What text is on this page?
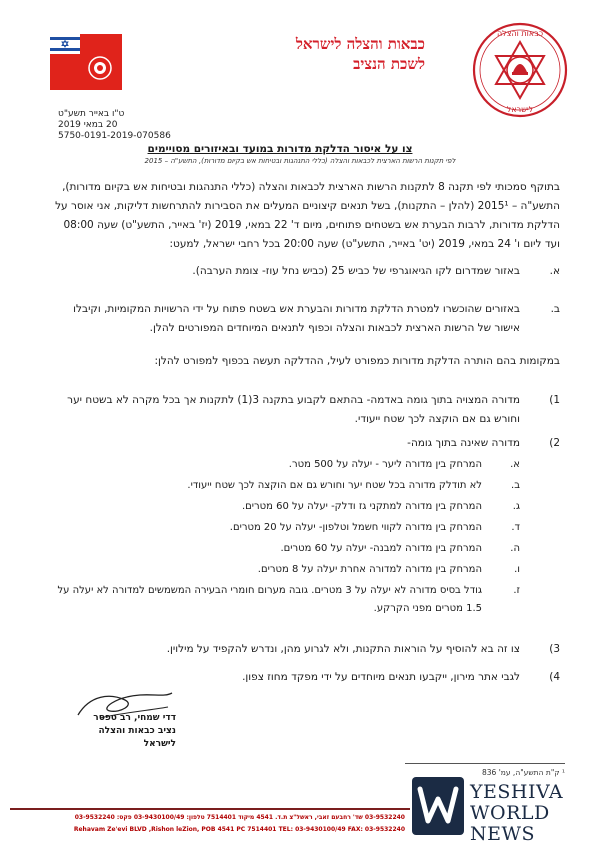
כבאות והצלה לישראל
לשכת הנציב
כבאות והצלה
לישראל
ט"ו באייר תשע"ט
20 במאי 2019
5750-0191-2019-070586
צו על איסור הדלקת מדורות במועד ובאיזורים מסויימים
לפי תקנות הרשות הארצית לכבאות והצלה (כללי התנהגות ובטיחות אש בקיום מדורות), התשע"ה – 2015
בתוקף סמכותי לפי תקנה 8 לתקנות הרשות הארצית לכבאות והצלה (כללי התנהגות ובטיחות אש בקיום מדורות), התשע"ה – 2015¹ (להלן – התקנות), בשל תנאים קיצוניים המעלים את הסבירות להתרחשות דליקות, אני אוסר על הדלקת מדורות, לרבות הבערת אש בשטחים פתוחים, מיום ד' 22 במאי, 2019 (יז' באייר, התשע"ט) שעה 08:00 ועד ליום ו' 24 במאי, 2019 (יט' באייר, התשע"ט) שעה 20:00 בכל רחבי ישראל, למעט:
א.
באזור שמדרום לקו הגיאוגרפי של כביש 25 (כביש נחל עוז- צומת הערבה).
ב.
באזורים שהוכשרו למטרת הדלקת מדורות והבערת אש בשטח פתוח על ידי הרשויות המקומיות, וקיבלו אישור של הרשות הארצית לכבאות והצלה וכפוף לתנאים המיוחדים המפורטים להלן.
במקומות בהם הותרה הדלקת מדורות כמפורט לעיל, ההדלקה תעשה בכפוף למפורט להלן:
1)
מדורה המצויה בתוך גומה באדמה- בהתאם לקבוע בתקנה 3(1) לתקנות אך בכל מקרה לא בשטח יער וחורש גם אם הוקצה לכך שטח ייעודי.
2)
מדורה שאינה בתוך גומה-
א.
המרחק בין מדורה ליער - יעלה על 500 מטר.
ב.
לא תודלק מדורה בכל שטח יער וחורש גם אם הוקצה לכך שטח ייעודי.
ג.
המרחק בין מדורה למתקני גז ודלק- יעלה על 60 מטרים.
ד.
המרחק בין מדורה לקווי חשמל וטלפון- יעלה על 20 מטרים.
ה.
המרחק בין מדורה למבנה- יעלה על 60 מטרים.
ו.
המרחק בין מדורה למדורה אחרת יעלה על 8 מטרים.
ז.
גודל בסיס מדורה לא יעלה על 3 מטרים. גובה מערום חומרי הבעירה המשמשים למדורה לא יעלה על 1.5 מטרים מפני הקרקע.
3)
צו זה בא להוסיף על הוראות התקנות, ולא לגרוע מהן, ונדרש להקפיד על מילוין.
4)
לגבי אתר מירון, ייקבעו תנאים מיוחדים על ידי מפקד מחוז צפון.
דדי שמחי, רב טפסר
נציב כבאות והצלה לישראל
¹ ק"ת התשע"ה, עמ' 836
03-9532240 שד' רחבעם זאבי, ראשל"צ ת.ד. 4541 מיקוד 7514401 טלפון: 03-9430100/49 פקס: 03-9532240
Rehavam Ze'evi BLVD ,Rishon leZion, POB 4541 PC 7514401 TEL: 03-9430100/49 FAX: 03-9532240
YESHIVA
WORLD
NEWS
